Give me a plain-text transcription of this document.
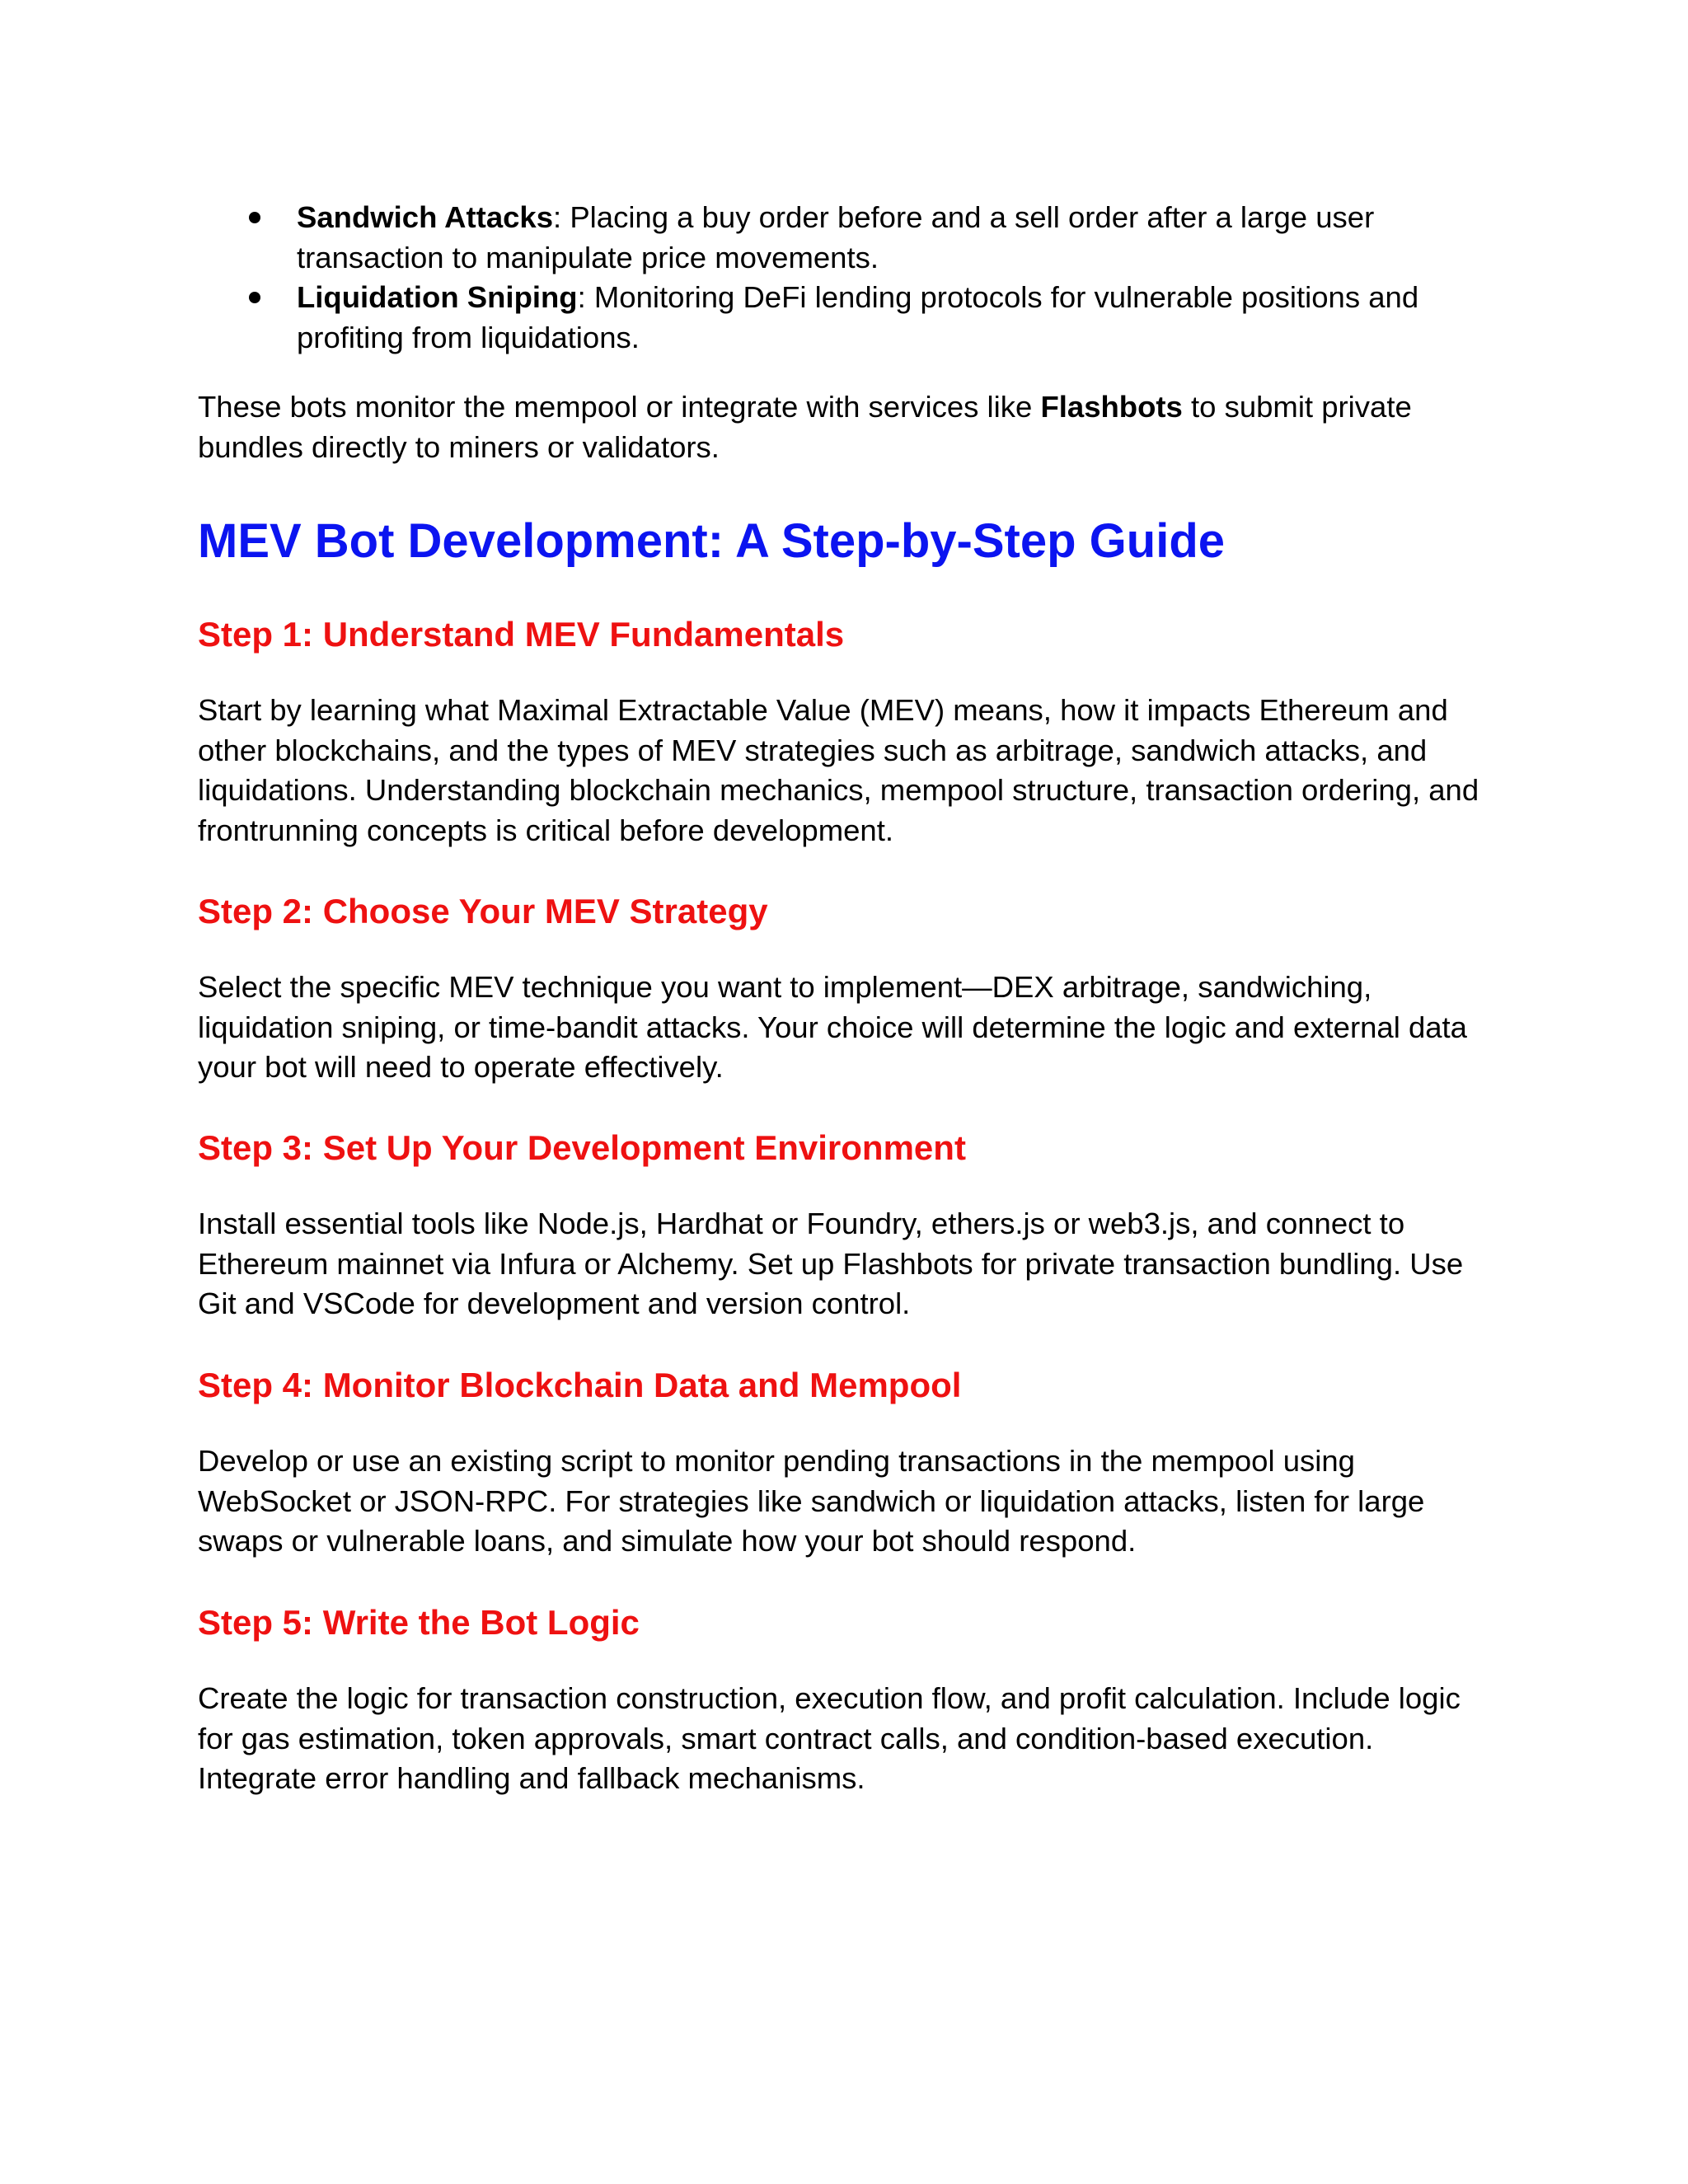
Sandwich Attacks: Placing a buy order before and a sell order after a large user transaction to manipulate price movements.
Liquidation Sniping: Monitoring DeFi lending protocols for vulnerable positions and profiting from liquidations.

These bots monitor the mempool or integrate with services like Flashbots to submit private bundles directly to miners or validators.

MEV Bot Development: A Step-by-Step Guide
Step 1: Understand MEV Fundamentals

Start by learning what Maximal Extractable Value (MEV) means, how it impacts Ethereum and other blockchains, and the types of MEV strategies such as arbitrage, sandwich attacks, and liquidations. Understanding blockchain mechanics, mempool structure, transaction ordering, and frontrunning concepts is critical before development.

Step 2: Choose Your MEV Strategy

Select the specific MEV technique you want to implement—DEX arbitrage, sandwiching, liquidation sniping, or time-bandit attacks. Your choice will determine the logic and external data your bot will need to operate effectively.

Step 3: Set Up Your Development Environment

Install essential tools like Node.js, Hardhat or Foundry, ethers.js or web3.js, and connect to Ethereum mainnet via Infura or Alchemy. Set up Flashbots for private transaction bundling. Use Git and VSCode for development and version control.

Step 4: Monitor Blockchain Data and Mempool

Develop or use an existing script to monitor pending transactions in the mempool using WebSocket or JSON-RPC. For strategies like sandwich or liquidation attacks, listen for large swaps or vulnerable loans, and simulate how your bot should respond.

Step 5: Write the Bot Logic

Create the logic for transaction construction, execution flow, and profit calculation. Include logic for gas estimation, token approvals, smart contract calls, and condition-based execution. Integrate error handling and fallback mechanisms.
